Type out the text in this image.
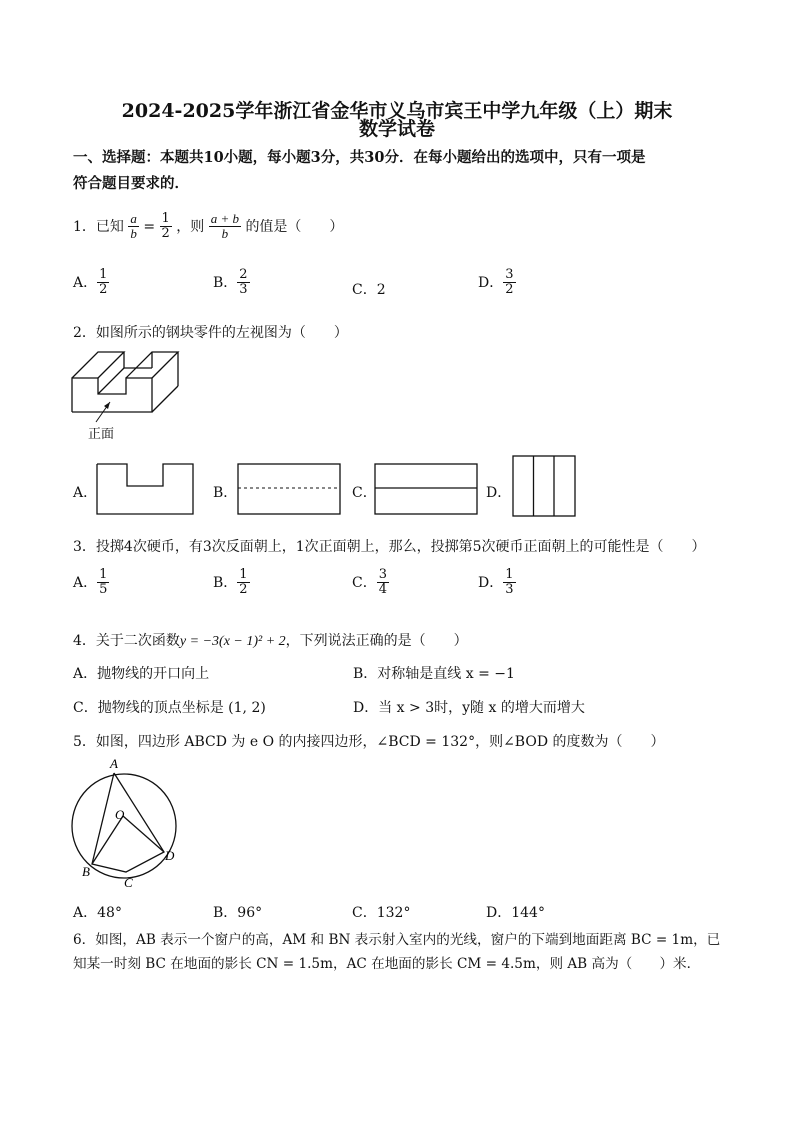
2024-2025学年浙江省金华市义乌市宾王中学九年级（上）期末
数学试卷
一、选择题：本题共10小题，每小题3分，共30分．在每小题给出的选项中，只有一项是
符合题目要求的．
1．已知 $\frac{a}{b} = \frac{1}{2}$ ，则 $\frac{a + b}{b}$ 的值是（　　）
A． $\frac{1}{2}$	B． $\frac{2}{3}$	C．2	D． $\frac{3}{2}$
2．如图所示的钢块零件的左视图为（　　）
正面
A．	B．	C．	D．
3．投掷4次硬币，有3次反面朝上，1次正面朝上，那么，投掷第5次硬币正面朝上的可能性是（　　）
A． $\frac{1}{5}$	B． $\frac{1}{2}$	C． $\frac{3}{4}$	D． $\frac{1}{3}$
4．关于二次函数y = −3(x − 1)² + 2，下列说法正确的是（　　）
A．抛物线的开口向上	B．对称轴是直线 x = −1
C．抛物线的顶点坐标是 (1, 2)	D．当 x > 3时，y随 x 的增大而增大
5．如图，四边形 ABCD 为 e O 的内接四边形，∠BCD = 132°，则∠BOD 的度数为（　　）
A
O
B
C
D
A．48°	B．96°	C．132°	D．144°
6．如图，AB 表示一个窗户的高，AM 和 BN 表示射入室内的光线，窗户的下端到地面距离 BC = 1m，已
知某一时刻 BC 在地面的影长 CN = 1.5m，AC 在地面的影长 CM = 4.5m，则 AB 高为（　　）米．
